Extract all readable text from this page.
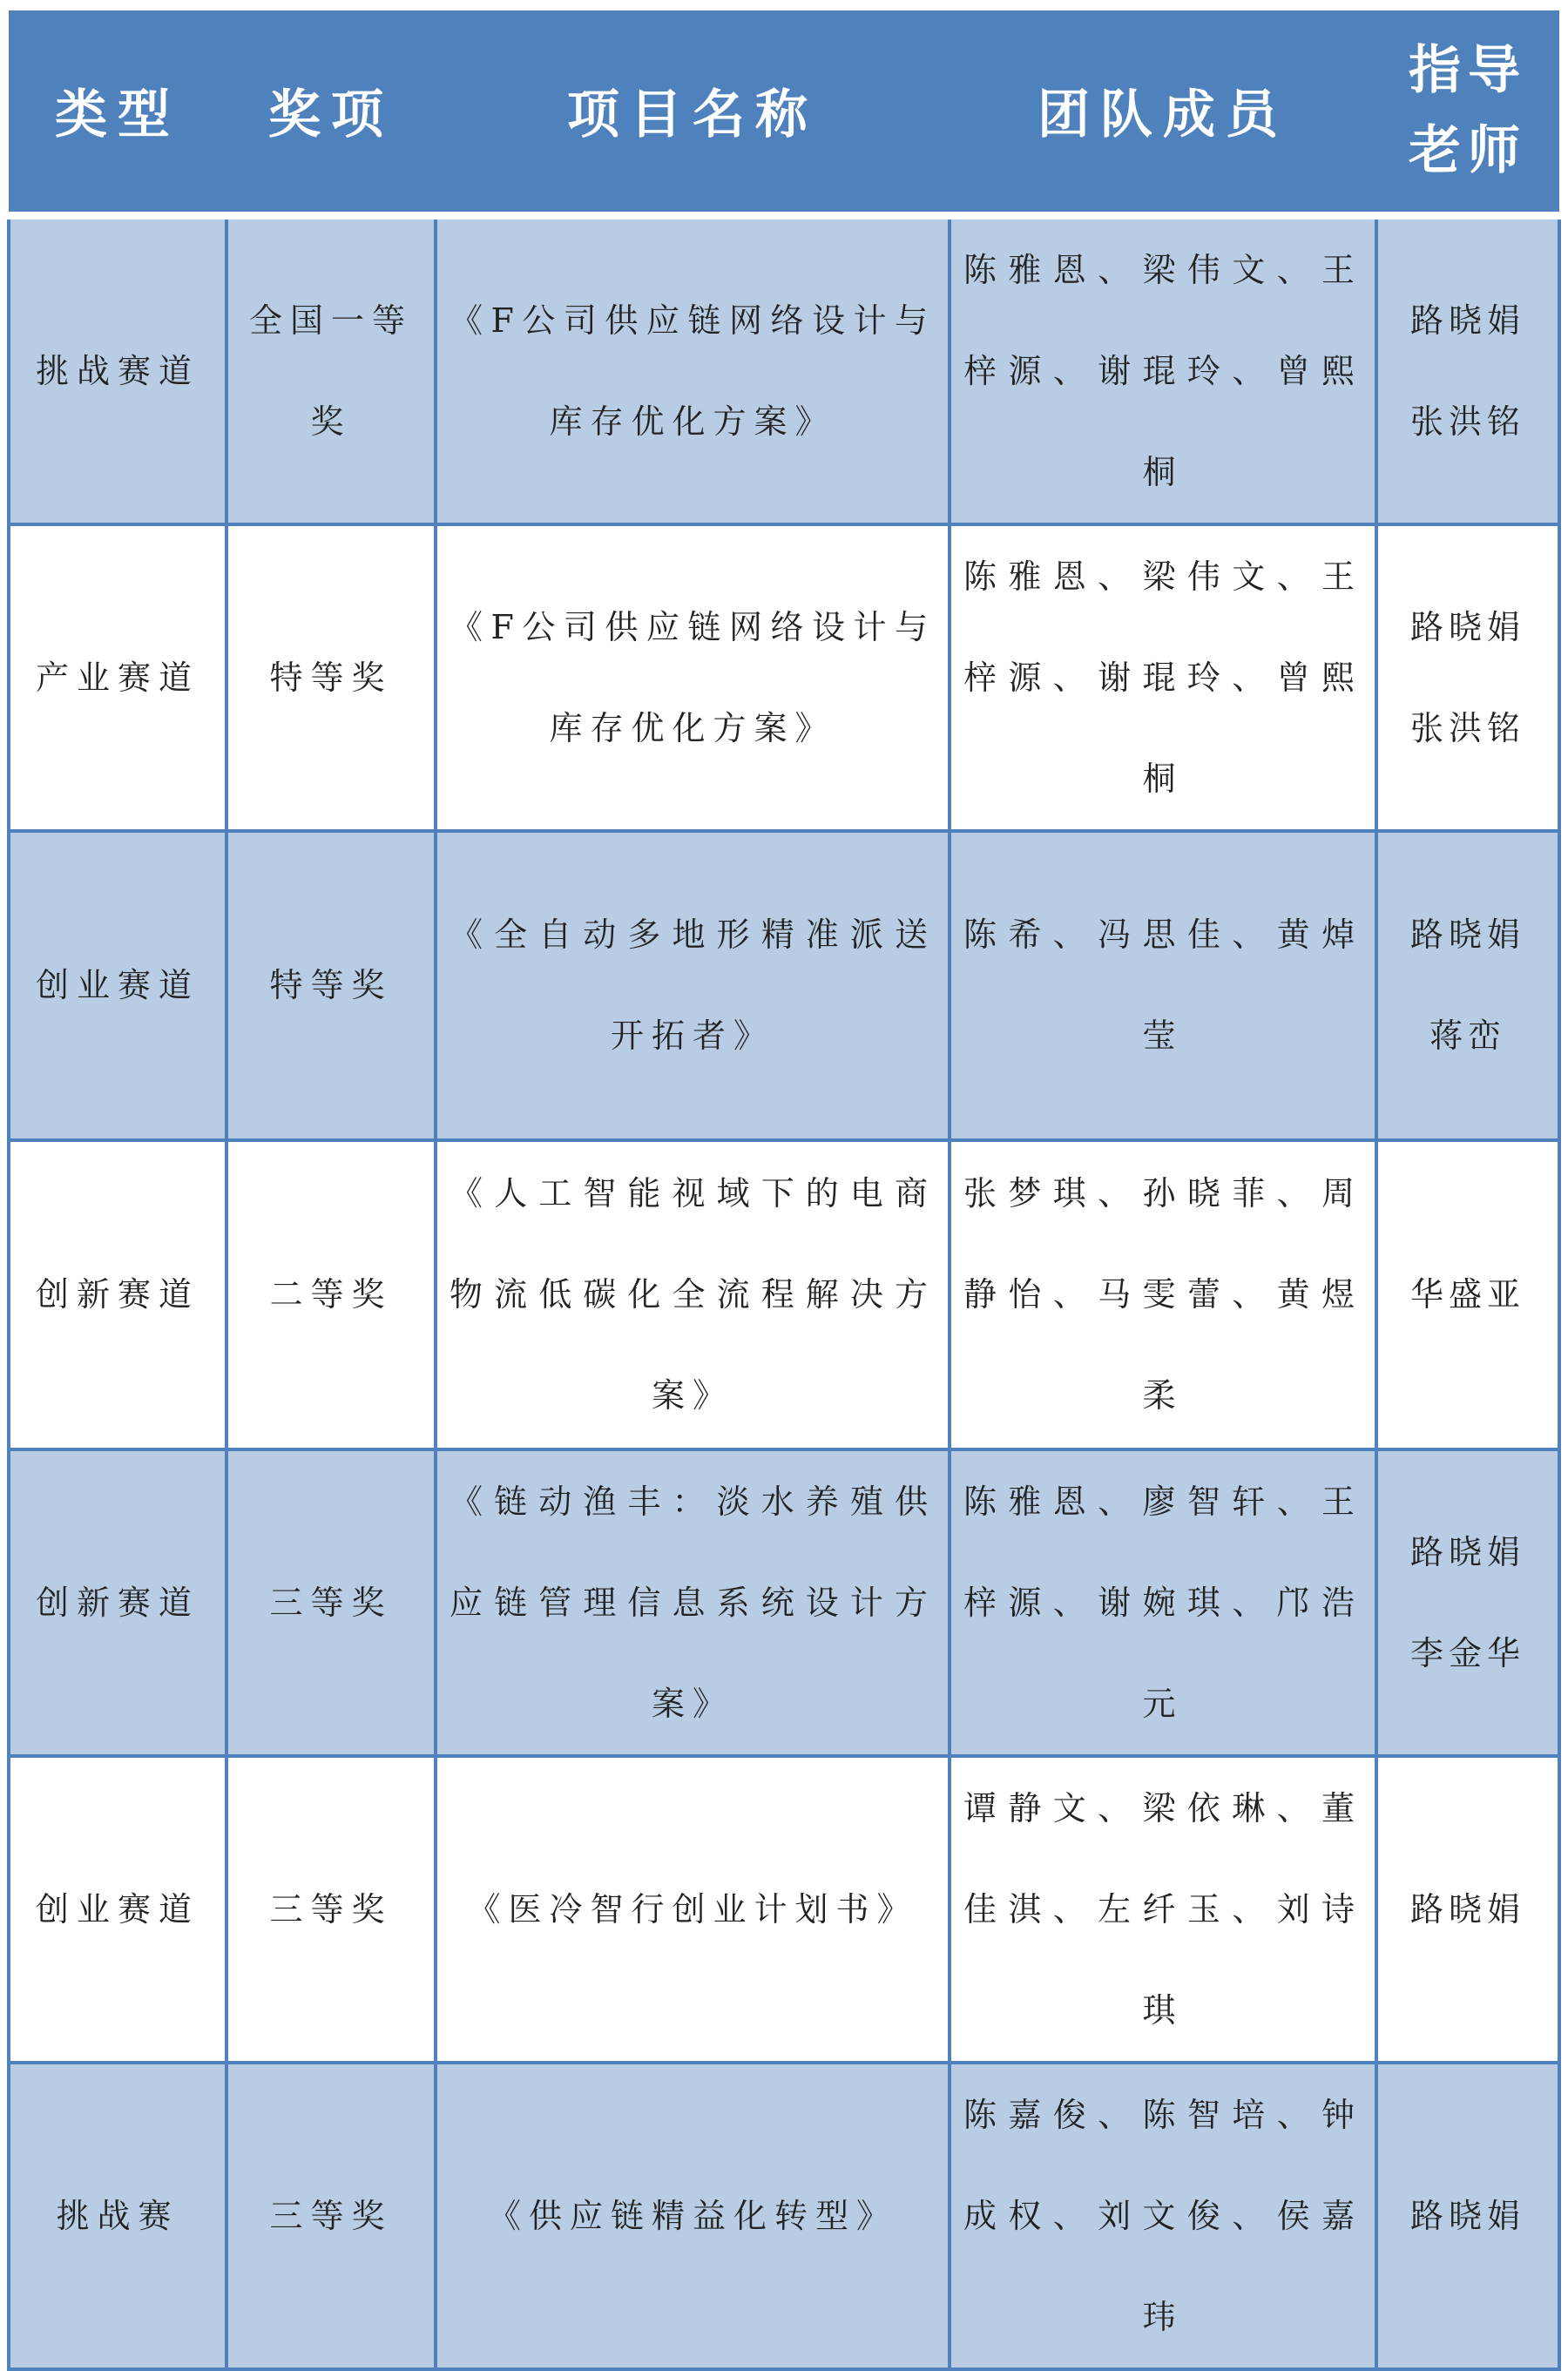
类型	奖项	项目名称	团队成员	指导
老师

挑战赛道	全国一等奖	《F公司供应链网络设计与库存优化方案》	陈雅恩、梁伟文、王梓源、谢琨玲、曾熙桐	路晓娟
张洪铭

产业赛道	特等奖	《F公司供应链网络设计与库存优化方案》	陈雅恩、梁伟文、王梓源、谢琨玲、曾熙桐	路晓娟
张洪铭

创业赛道	特等奖	《全自动多地形精准派送开拓者》	陈希、冯思佳、黄焯莹	路晓娟
蒋峦

创新赛道	二等奖	《人工智能视域下的电商物流低碳化全流程解决方案》	张梦琪、孙晓菲、周静怡、马雯蕾、黄煜柔	华盛亚

创新赛道	三等奖	《链动渔丰：淡水养殖供应链管理信息系统设计方案》	陈雅恩、廖智轩、王梓源、谢婉琪、邝浩元	路晓娟
李金华

创业赛道	三等奖	《医冷智行创业计划书》	谭静文、梁依琳、董佳淇、左纤玉、刘诗琪	路晓娟

挑战赛	三等奖	《供应链精益化转型》	陈嘉俊、陈智培、钟成权、刘文俊、侯嘉玮	路晓娟
